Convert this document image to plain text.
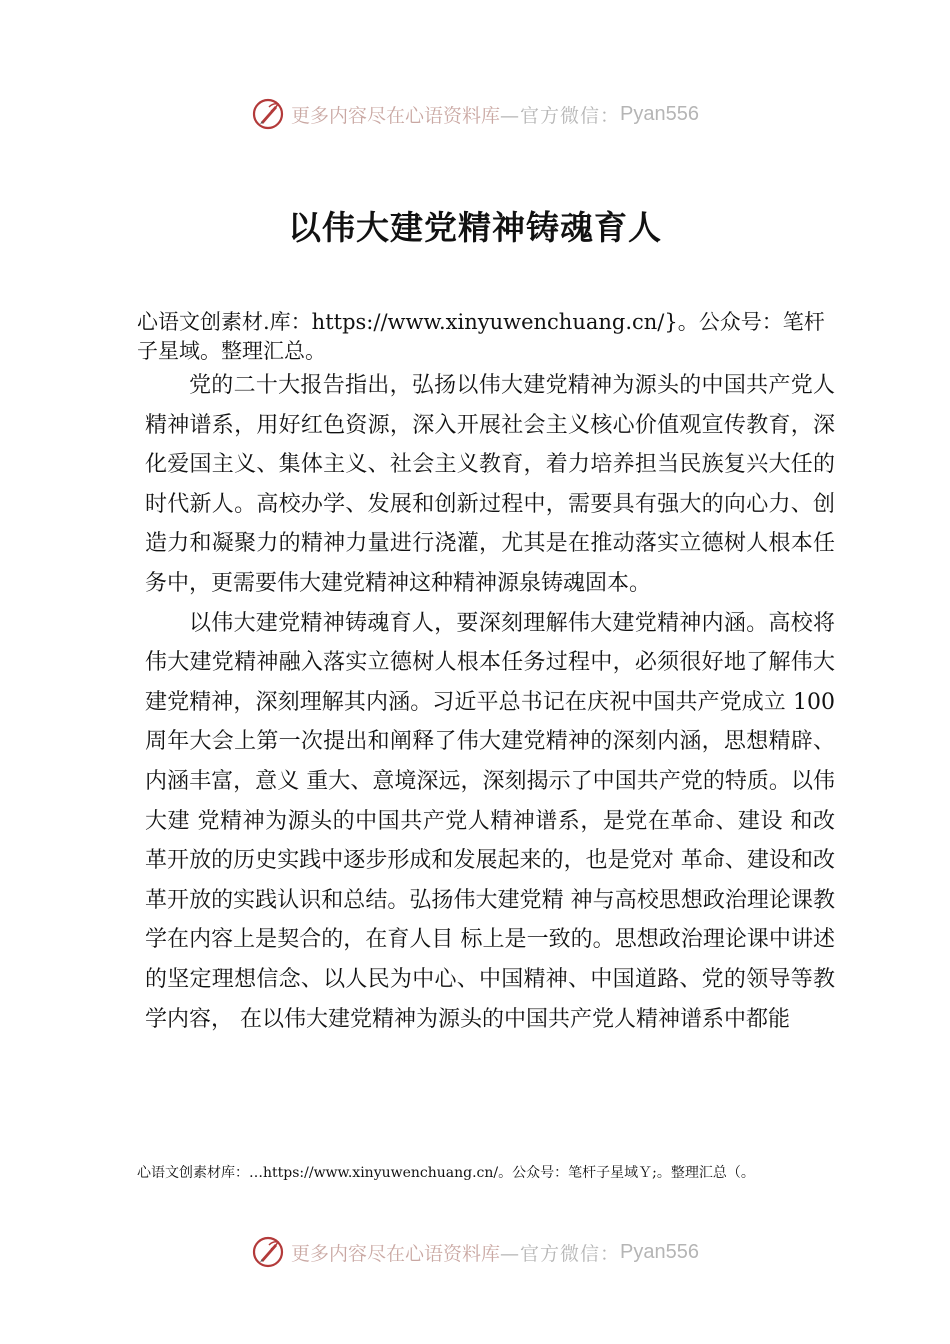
更多内容尽在心语资料库 —官方微信： Pyan556
以伟大建党精神铸魂育人
心语文创素材.库：https://www.xinyuwenchuang.cn/}。公众号：笔杆子星域。整理汇总。

党的二十大报告指出，弘扬以伟大建党精神为源头的中国共产党人精神谱系，用好红色资源，深入开展社会主义核心价值观宣传教育，深化爱国主义、集体主义、社会主义教育，着力培养担当民族复兴大任的时代新人。高校办学、发展和创新过程中，需要具有强大的向心力、创造力和凝聚力的精神力量进行浇灌，尤其是在推动落实立德树人根本任务中，更需要伟大建党精神这种精神源泉铸魂固本。

以伟大建党精神铸魂育人，要深刻理解伟大建党精神内涵。高校将伟大建党精神融入落实立德树人根本任务过程中，必须很好地了解伟大建党精神，深刻理解其内涵。习近平总书记在庆祝中国共产党成立 100 周年大会上第一次提出和阐释了伟大建党精神的深刻内涵，思想精辟、内涵丰富，意义 重大、意境深远，深刻揭示了中国共产党的特质。以伟大建 党精神为源头的中国共产党人精神谱系，是党在革命、建设 和改革开放的历史实践中逐步形成和发展起来的，也是党对 革命、建设和改革开放的实践认识和总结。弘扬伟大建党精 神与高校思想政治理论课教学在内容上是契合的，在育人目 标上是一致的。思想政治理论课中讲述的坚定理想信念、以人民为中心、中国精神、中国道路、党的领导等教学内容， 在以伟大建党精神为源头的中国共产党人精神谱系中都能

心语文创素材库：…https://www.xinyuwenchuang.cn/。公众号：笔杆子星域Ｙ;。整理汇总（。
更多内容尽在心语资料库 —官方微信： Pyan556
